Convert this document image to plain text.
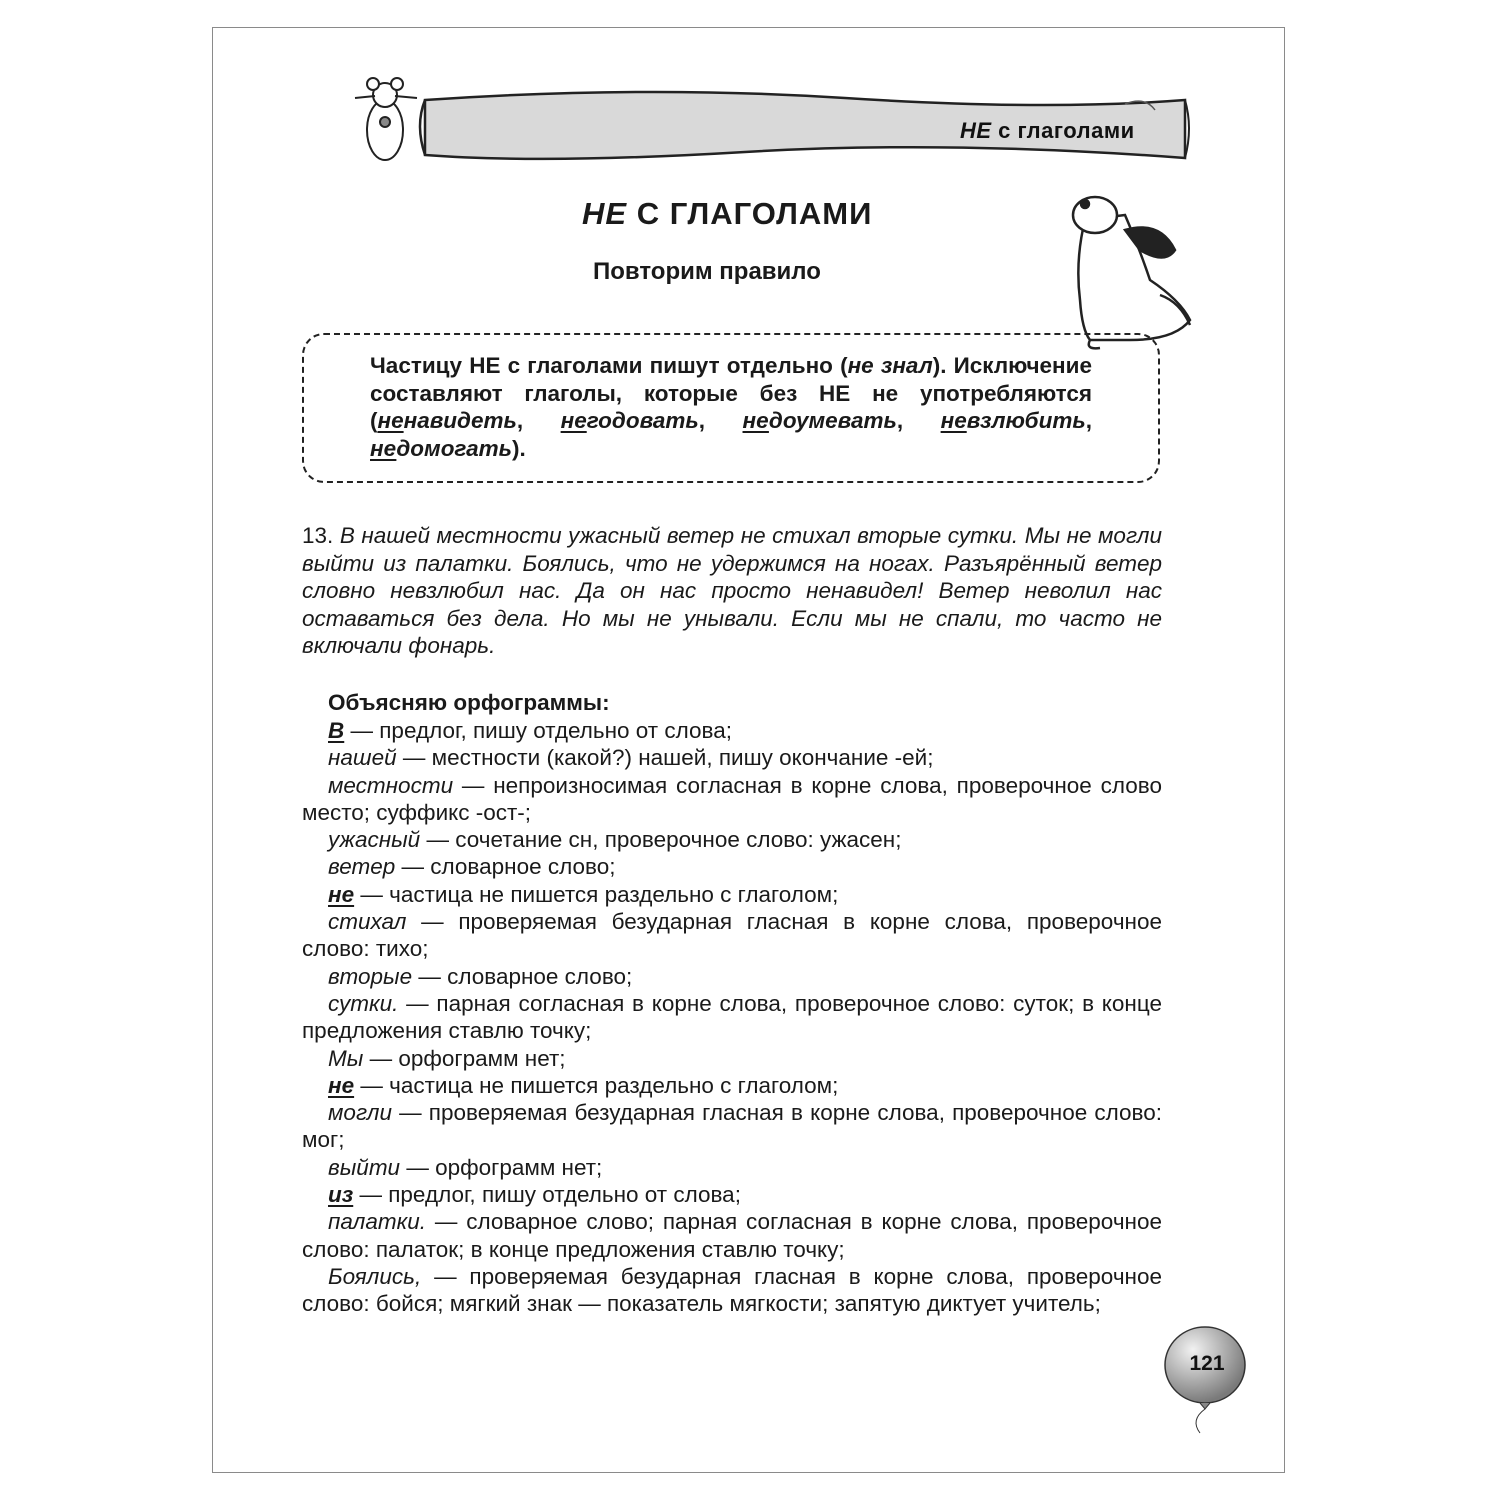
НЕ с глаголами
НЕ С ГЛАГОЛАМИ
Повторим правило
Частицу НЕ с глаголами пишут отдельно (не знал). Исключение составляют глаголы, которые без НЕ не употребляются (ненавидеть, негодовать, недоумевать, невзлюбить, недомогать).
13. В нашей местности ужасный ветер не стихал вторые сутки. Мы не могли выйти из палатки. Боялись, что не удержимся на ногах. Разъярённый ветер словно невзлюбил нас. Да он нас просто ненавидел! Ветер неволил нас оставаться без дела. Но мы не унывали. Если мы не спали, то часто не включали фонарь.
Объясняю орфограммы:
В — предлог, пишу отдельно от слова;
нашей — местности (какой?) нашей, пишу окончание -ей;
местности — непроизносимая согласная в корне слова, проверочное слово место; суффикс -ост-;
ужасный — сочетание сн, проверочное слово: ужасен;
ветер — словарное слово;
не — частица не пишется раздельно с глаголом;
стихал — проверяемая безударная гласная в корне слова, проверочное слово: тихо;
вторые — словарное слово;
сутки. — парная согласная в корне слова, проверочное слово: суток; в конце предложения ставлю точку;
Мы — орфограмм нет;
не — частица не пишется раздельно с глаголом;
могли — проверяемая безударная гласная в корне слова, проверочное слово: мог;
выйти — орфограмм нет;
из — предлог, пишу отдельно от слова;
палатки. — словарное слово; парная согласная в корне слова, проверочное слово: палаток; в конце предложения ставлю точку;
Боялись, — проверяемая безударная гласная в корне слова, проверочное слово: бойся; мягкий знак — показатель мягкости; запятую диктует учитель;
121
